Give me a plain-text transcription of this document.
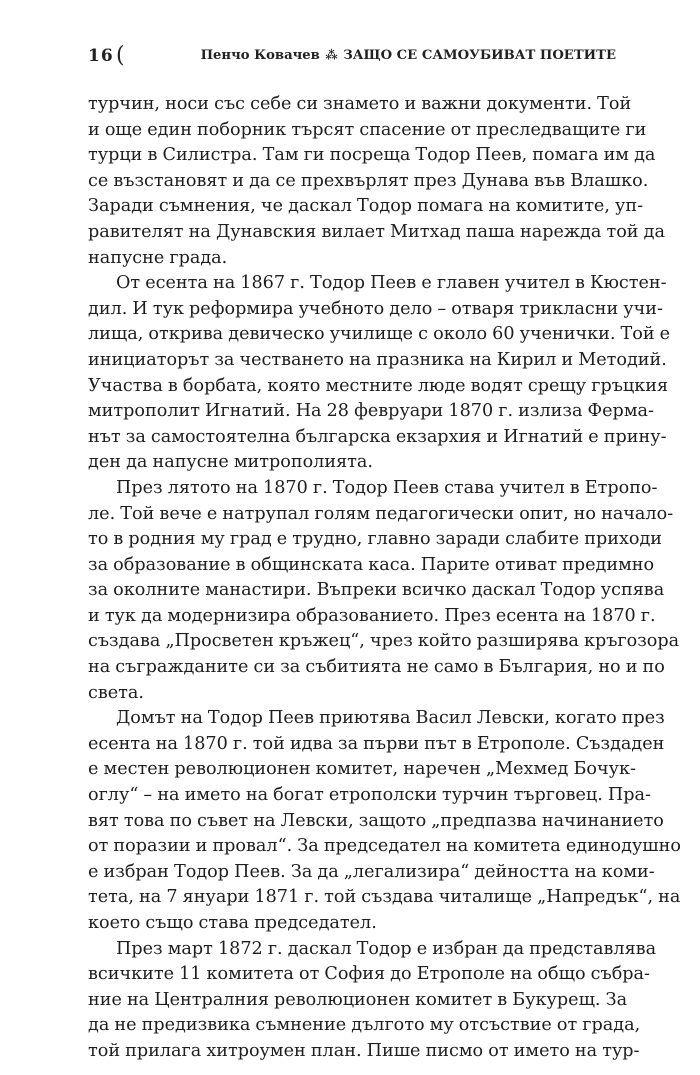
16 (	Пенчо Ковачев ⁂ ЗАЩО СЕ САМОУБИВАТ ПОЕТИТЕ
турчин, носи със себе си знамето и важни документи. Той
и още един поборник търсят спасение от преследващите ги
турци в Силистра. Там ги посреща Тодор Пеев, помага им да
се възстановят и да се прехвърлят през Дунава във Влашко.
Заради съмнения, че даскал Тодор помага на комитите, уп-
равителят на Дунавския вилает Митхад паша нарежда той да
напусне града.
От есента на 1867 г. Тодор Пеев е главен учител в Кюстен-
дил. И тук реформира учебното дело – отваря трикласни учи-
лища, открива девическо училище с около 60 ученички. Той е
инициаторът за честването на празника на Кирил и Методий.
Участва в борбата, която местните люде водят срещу гръцкия
митрополит Игнатий. На 28 февруари 1870 г. излиза Ферма-
нът за самостоятелна българска екзархия и Игнатий е прину-
ден да напусне митрополията.
През лятото на 1870 г. Тодор Пеев става учител в Етропо-
ле. Той вече е натрупал голям педагогически опит, но начало-
то в родния му град е трудно, главно заради слабите приходи
за образование в общинската каса. Парите отиват предимно
за околните манастири. Въпреки всичко даскал Тодор успява
и тук да модернизира образованието. През есента на 1870 г.
създава „Просветен кръжец“, чрез който разширява кръгозора
на съгражданите си за събитията не само в България, но и по
света.
Домът на Тодор Пеев приютява Васил Левски, когато през
есента на 1870 г. той идва за първи път в Етрополе. Създаден
е местен революционен комитет, наречен „Мехмед Бочук-
оглу“ – на името на богат етрополски турчин търговец. Пра-
вят това по съвет на Левски, защото „предпазва начинанието
от поразии и провал“. За председател на комитета единодушно
е избран Тодор Пеев. За да „легализира“ дейността на коми-
тета, на 7 януари 1871 г. той създава читалище „Напредък“, на
което също става председател.
През март 1872 г. даскал Тодор е избран да представлява
всичките 11 комитета от София до Етрополе на общо събра-
ние на Централния революционен комитет в Букурещ. За
да не предизвика съмнение дългото му отсъствие от града,
той прилага хитроумен план. Пише писмо от името на тур-
